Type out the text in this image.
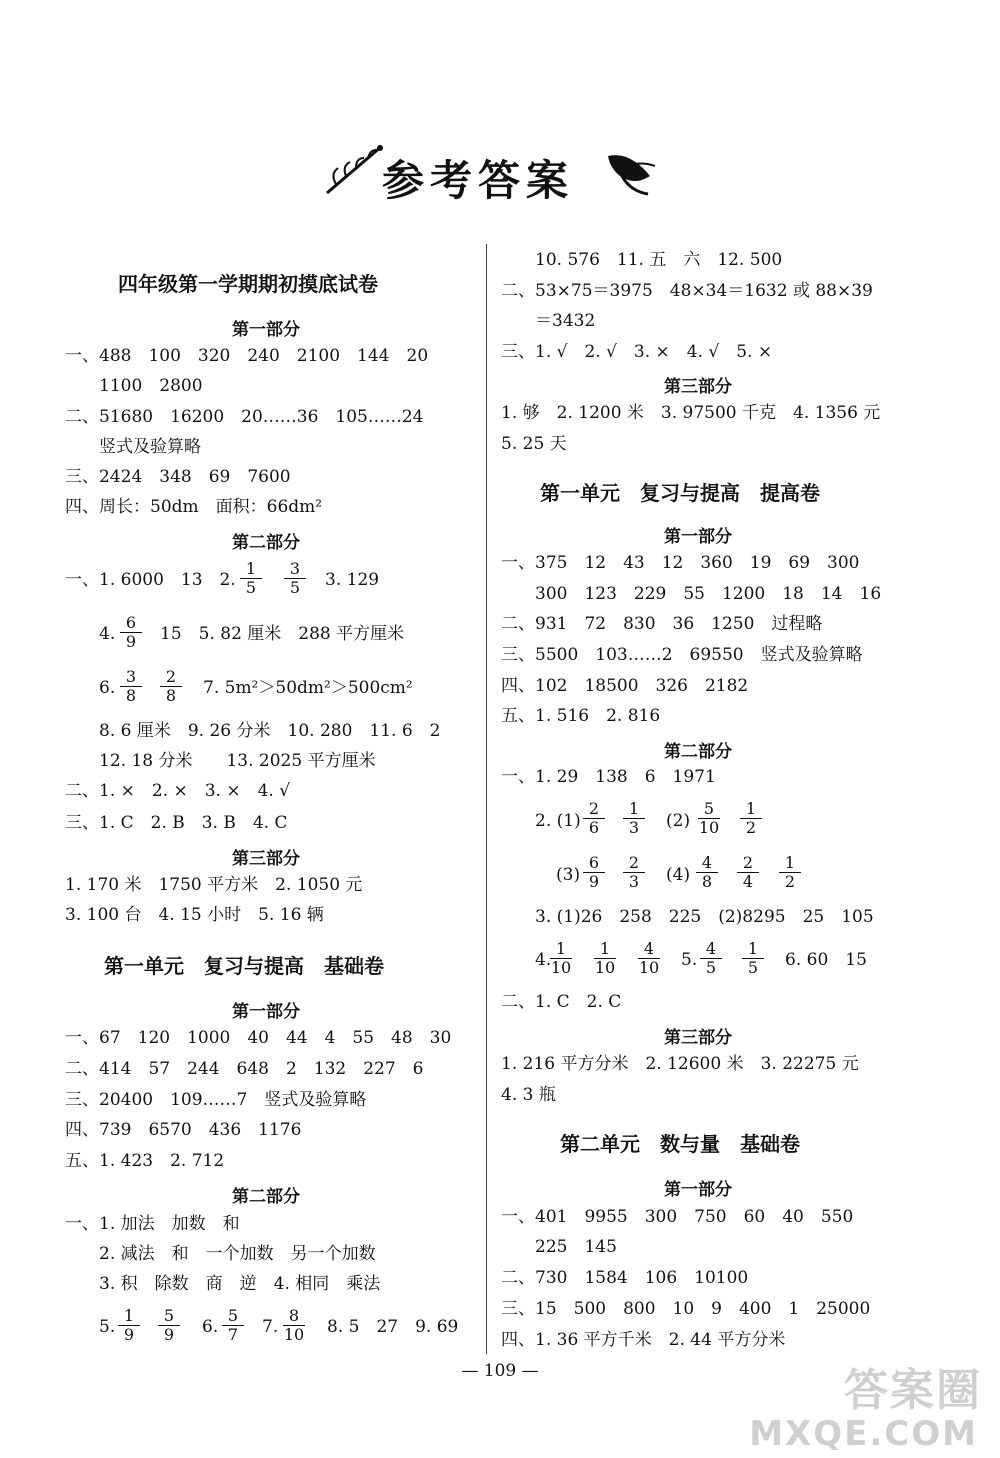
参考答案
四年级第一学期期初摸底试卷
第一部分
一、488　100　320　240　2100　144　20
1100　2800
二、51680　16200　20……36　105……24
竖式及验算略
三、2424　348　69　7600
四、周长：50dm　面积：66dm²
第二部分
一、1. 6000　13　2. $\frac{1}{5} \frac{3}{5} 3$. 129
4. $\frac{6}{9} 15$　5. 82 厘米　288 平方厘米
6. $\frac{3}{8} \frac{2}{8} 7$. 5m²＞50dm²＞500cm²
8. 6 厘米　9. 26 分米　10. 280　11. 6　2
12. 18 分米　　13. 2025 平方厘米
二、1. ×　2. ×　3. ×　4. √
三、1. C　2. B　3. B　4. C
第三部分
1. 170 米　1750 平方米　2. 1050 元
3. 100 台　4. 15 小时　5. 16 辆
第一单元　复习与提高　基础卷
第一部分
一、67　120　1000　40　44　4　55　48　30
二、414　57　244　648　2　132　227　6
三、20400　109……7　竖式及验算略
四、739　6570　436　1176
五、1. 423　2. 712
第二部分
一、1. 加法　加数　和
2. 减法　和　一个加数　另一个加数
3. 积　除数　商　逆　4. 相同　乘法
5. $\frac{1}{9} \frac{5}{9} 6$. $\frac{5}{7} 7$. $\frac{8}{10} 8$. 5　27　9. 69
10. 576　11. 五　六　12. 500
二、53×75＝3975　48×34＝1632 或 88×39
＝3432
三、1. √　2. √　3. ×　4. √　5. ×
第三部分
1. 够　2. 1200 米　3. 97500 千克　4. 1356 元
5. 25 天
第一单元　复习与提高　提高卷
第一部分
一、375　12　43　12　360　19　69　300
300　123　229　55　1200　18　14　16
二、931　72　830　36　1250　过程略
三、5500　103……2　69550　竖式及验算略
四、102　18500　326　2182
五、1. 516　2. 816
第二部分
一、1. 29　138　6　1971
2. $(1) \frac{2}{6} \frac{1}{3} (2) \frac{5}{10} \frac{1}{2}$
$(3) \frac{6}{9} \frac{2}{3} (4) \frac{4}{8} \frac{2}{4} \frac{1}{2}$
3. (1)26　258　225　(2)8295　25　105
4.
$\frac{1}{10} \frac{1}{10} \frac{4}{10} 5$. $\frac{4}{5} \frac{1}{5} 6$. 60　15
二、1. C　2. C
第三部分
1. 216 平方分米　2. 12600 米　3. 22275 元
4. 3 瓶
第二单元　数与量　基础卷
第一部分
一、401　9955　300　750　60　40　550
225　145
二、730　1584　106　10100
三、15　500　800　10　9　400　1　25000
四、1. 36 平方千米　2. 44 平方分米
— 109 —	答案圈
MXQE.COM
